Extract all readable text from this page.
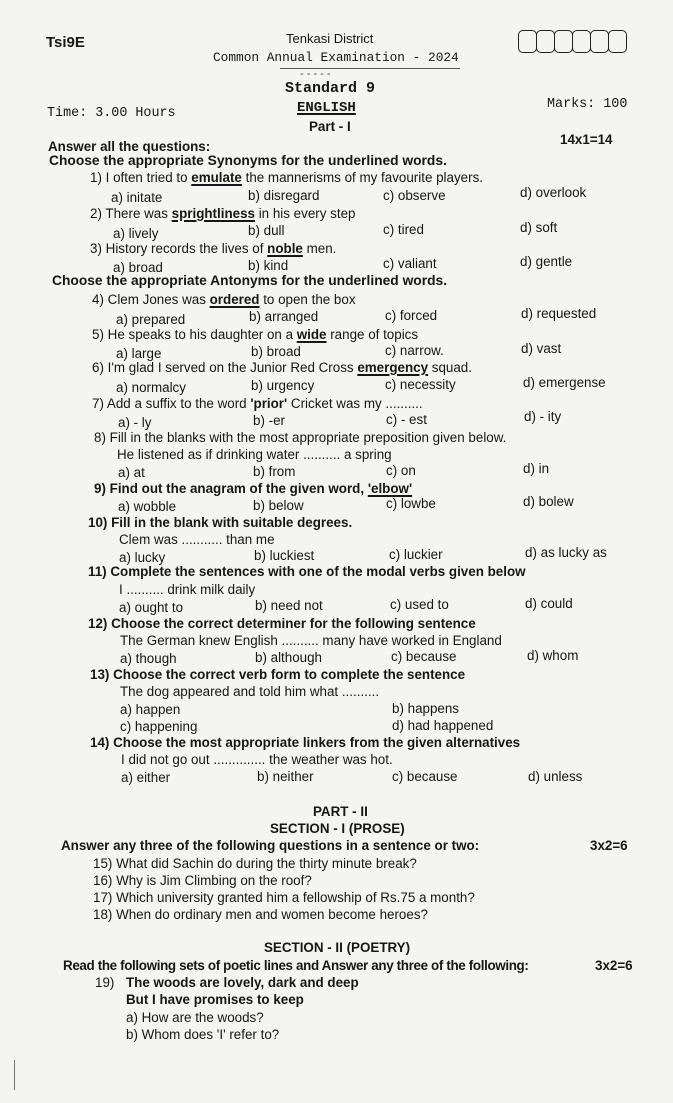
Tsi9E	Tenkasi District
Common Annual Examination - 2024
- - - - -
Standard 9
Time: 3.00 Hours	ENGLISH	Marks: 100
Part - I
Answer all the questions:	14x1=14
Choose the appropriate Synonyms for the underlined words.
1) I often tried to emulate the mannerisms of my favourite players.
a) initate	b) disregard	c) observe	d) overlook
2) There was sprightliness in his every step
a) lively	b) dull	c) tired	d) soft
3) History records the lives of noble men.
a) broad	b) kind	c) valiant	d) gentle
Choose the appropriate Antonyms for the underlined words.
4) Clem Jones was ordered to open the box
a) prepared	b) arranged	c) forced	d) requested
5) He speaks to his daughter on a wide range of topics
a) large	b) broad	c) narrow.	d) vast
6) I'm glad I served on the Junior Red Cross emergency squad.
a) normalcy	b) urgency	c) necessity	d) emergense
7) Add a suffix to the word 'prior' Cricket was my ..........
a) - ly	b) -er	c) - est	d) - ity
8) Fill in the blanks with the most appropriate preposition given below.
He listened as if drinking water .......... a spring
a) at	b) from	c) on	d) in
9) Find out the anagram of the given word, 'elbow'
a) wobble	b) below	c) lowbe	d) bolew
10) Fill in the blank with suitable degrees.
Clem was ........... than me
a) lucky	b) luckiest	c) luckier	d) as lucky as
11) Complete the sentences with one of the modal verbs given below
I .......... drink milk daily
a) ought to	b) need not	c) used to	d) could
12) Choose the correct determiner for the following sentence
The German knew English .......... many have worked in England
a) though	b) although	c) because	d) whom
13) Choose the correct verb form to complete the sentence
The dog appeared and told him what ..........
a) happen	b) happens
c) happening	d) had happened
14) Choose the most appropriate linkers from the given alternatives
I did not go out .............. the weather was hot.
a) either	b) neither	c) because	d) unless
PART - II
SECTION - I (PROSE)
Answer any three of the following questions in a sentence or two:	3x2=6
15) What did Sachin do during the thirty minute break?
16) Why is Jim Climbing on the roof?
17) Which university granted him a fellowship of Rs.75 a month?
18) When do ordinary men and women become heroes?
SECTION - II (POETRY)
Read the following sets of poetic lines and Answer any three of the following:	3x2=6
19) The woods are lovely, dark and deep
But I have promises to keep
a) How are the woods?
b) Whom does 'I' refer to?
